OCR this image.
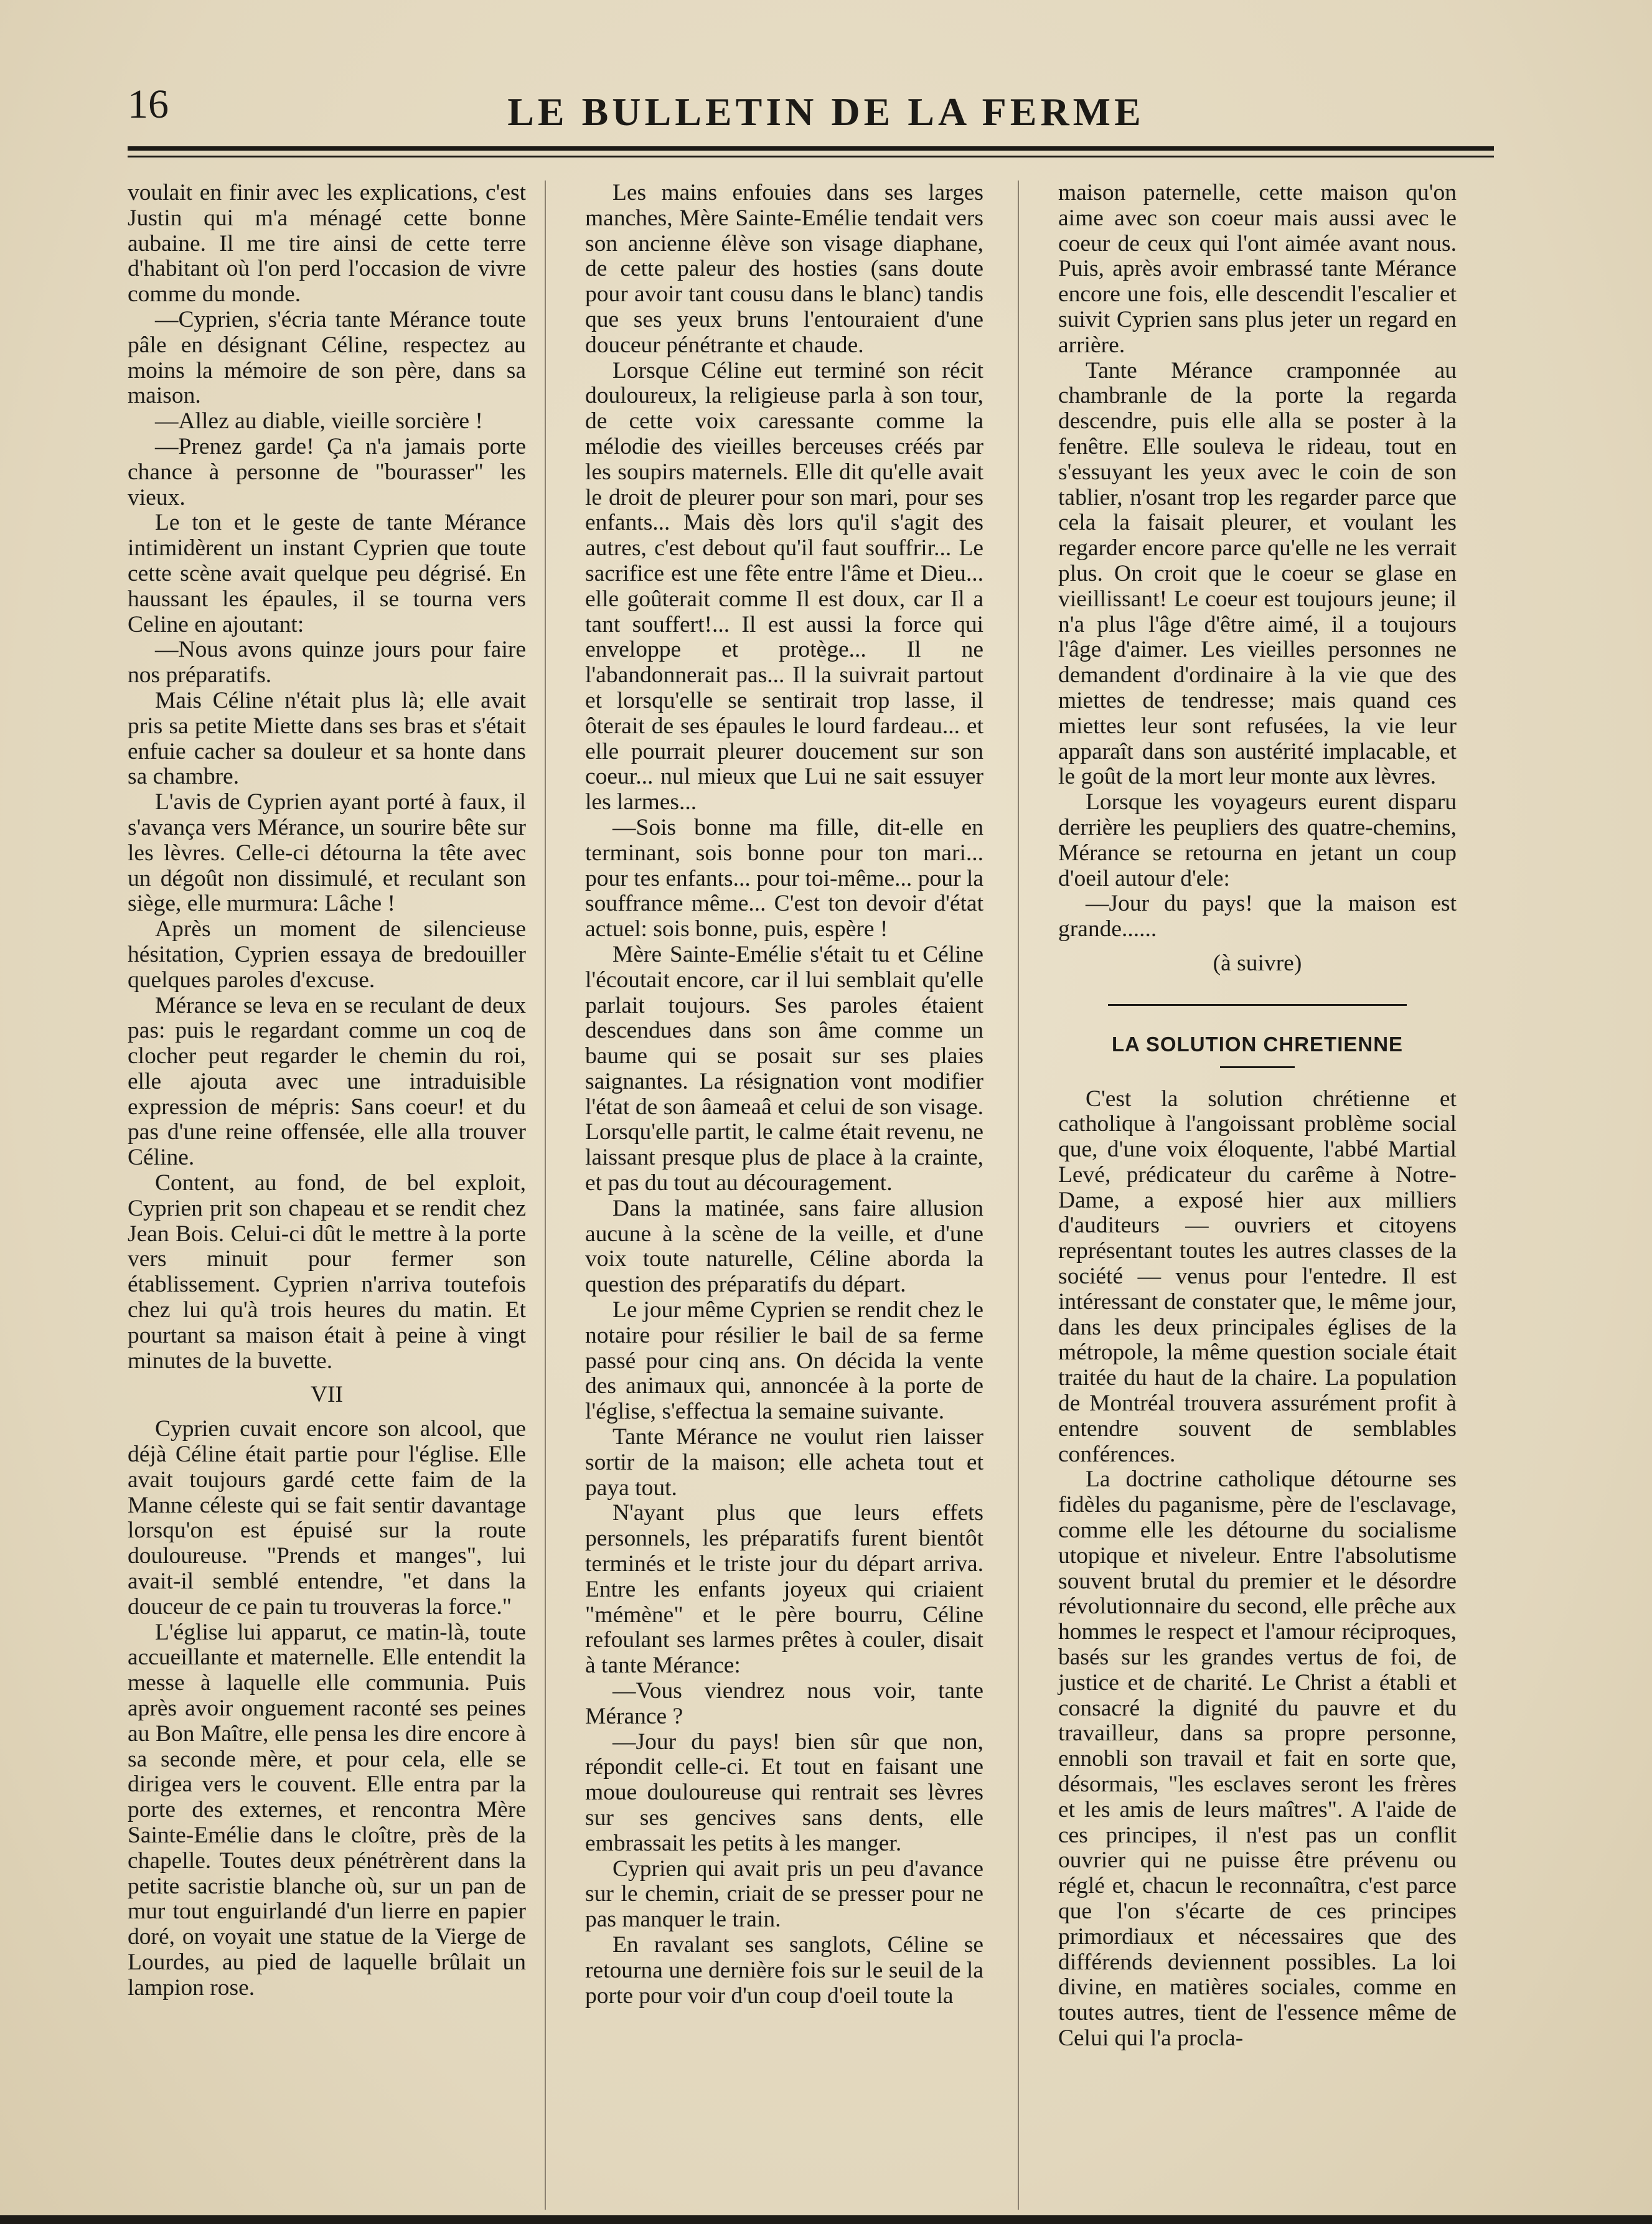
16	LE BULLETIN DE LA FERME

voulait en finir avec les explications, c'est Justin qui m'a ménagé cette bonne aubaine. Il me tire ainsi de cette terre d'habitant où l'on perd l'occasion de vivre comme du monde.

—Cyprien, s'écria tante Mérance toute pâle en désignant Céline, respectez au moins la mémoire de son père, dans sa maison.

—Allez au diable, vieille sorcière !

—Prenez garde! Ça n'a jamais porte chance à personne de "bourasser" les vieux.

Le ton et le geste de tante Mérance intimidèrent un instant Cyprien que toute cette scène avait quelque peu dégrisé. En haussant les épaules, il se tourna vers Celine en ajoutant:

—Nous avons quinze jours pour faire nos préparatifs.

Mais Céline n'était plus là; elle avait pris sa petite Miette dans ses bras et s'était enfuie cacher sa douleur et sa honte dans sa chambre.

L'avis de Cyprien ayant porté à faux, il s'avança vers Mérance, un sourire bête sur les lèvres. Celle-ci détourna la tête avec un dégoût non dissimulé, et reculant son siège, elle murmura: Lâche !

Après un moment de silencieuse hésitation, Cyprien essaya de bredouiller quelques paroles d'excuse.

Mérance se leva en se reculant de deux pas: puis le regardant comme un coq de clocher peut regarder le chemin du roi, elle ajouta avec une intraduisible expression de mépris: Sans coeur! et du pas d'une reine offensée, elle alla trouver Céline.

Content, au fond, de bel exploit, Cyprien prit son chapeau et se rendit chez Jean Bois. Celui-ci dût le mettre à la porte vers minuit pour fermer son établissement. Cyprien n'arriva toutefois chez lui qu'à trois heures du matin. Et pourtant sa maison était à peine à vingt minutes de la buvette.

VII

Cyprien cuvait encore son alcool, que déjà Céline était partie pour l'église. Elle avait toujours gardé cette faim de la Manne céleste qui se fait sentir davantage lorsqu'on est épuisé sur la route douloureuse. "Prends et manges", lui avait-il semblé entendre, "et dans la douceur de ce pain tu trouveras la force."

L'église lui apparut, ce matin-là, toute accueillante et maternelle. Elle entendit la messe à laquelle elle communia. Puis après avoir onguement raconté ses peines au Bon Maître, elle pensa les dire encore à sa seconde mère, et pour cela, elle se dirigea vers le couvent. Elle entra par la porte des externes, et rencontra Mère Sainte-Emélie dans le cloître, près de la chapelle. Toutes deux pénétrèrent dans la petite sacristie blanche où, sur un pan de mur tout enguirlandé d'un lierre en papier doré, on voyait une statue de la Vierge de Lourdes, au pied de laquelle brûlait un lampion rose.

Les mains enfouies dans ses larges manches, Mère Sainte-Emélie tendait vers son ancienne élève son visage diaphane, de cette paleur des hosties (sans doute pour avoir tant cousu dans le blanc) tandis que ses yeux bruns l'entouraient d'une douceur pénétrante et chaude.

Lorsque Céline eut terminé son récit douloureux, la religieuse parla à son tour, de cette voix caressante comme la mélodie des vieilles berceuses créés par les soupirs maternels. Elle dit qu'elle avait le droit de pleurer pour son mari, pour ses enfants... Mais dès lors qu'il s'agit des autres, c'est debout qu'il faut souffrir... Le sacrifice est une fête entre l'âme et Dieu... elle goûterait comme Il est doux, car Il a tant souffert!... Il est aussi la force qui enveloppe et protège... Il ne l'abandonnerait pas... Il la suivrait partout et lorsqu'elle se sentirait trop lasse, il ôterait de ses épaules le lourd fardeau... et elle pourrait pleurer doucement sur son coeur... nul mieux que Lui ne sait essuyer les larmes...

—Sois bonne ma fille, dit-elle en terminant, sois bonne pour ton mari... pour tes enfants... pour toi-même... pour la souffrance même... C'est ton devoir d'état actuel: sois bonne, puis, espère !

Mère Sainte-Emélie s'était tu et Céline l'écoutait encore, car il lui semblait qu'elle parlait toujours. Ses paroles étaient descendues dans son âme comme un baume qui se posait sur ses plaies saignantes. La résignation vont modifier l'état de son âameaâ et celui de son visage. Lorsqu'elle partit, le calme était revenu, ne laissant presque plus de place à la crainte, et pas du tout au découragement.

Dans la matinée, sans faire allusion aucune à la scène de la veille, et d'une voix toute naturelle, Céline aborda la question des préparatifs du départ.

Le jour même Cyprien se rendit chez le notaire pour résilier le bail de sa ferme passé pour cinq ans. On décida la vente des animaux qui, annoncée à la porte de l'église, s'effectua la semaine suivante.

Tante Mérance ne voulut rien laisser sortir de la maison; elle acheta tout et paya tout.

N'ayant plus que leurs effets personnels, les préparatifs furent bientôt terminés et le triste jour du départ arriva. Entre les enfants joyeux qui criaient "mémène" et le père bourru, Céline refoulant ses larmes prêtes à couler, disait à tante Mérance:

—Vous viendrez nous voir, tante Mérance ?

—Jour du pays! bien sûr que non, répondit celle-ci. Et tout en faisant une moue douloureuse qui rentrait ses lèvres sur ses gencives sans dents, elle embrassait les petits à les manger.

Cyprien qui avait pris un peu d'avance sur le chemin, criait de se presser pour ne pas manquer le train.

En ravalant ses sanglots, Céline se retourna une dernière fois sur le seuil de la porte pour voir d'un coup d'oeil toute la

maison paternelle, cette maison qu'on aime avec son coeur mais aussi avec le coeur de ceux qui l'ont aimée avant nous. Puis, après avoir embrassé tante Mérance encore une fois, elle descendit l'escalier et suivit Cyprien sans plus jeter un regard en arrière.

Tante Mérance cramponnée au chambranle de la porte la regarda descendre, puis elle alla se poster à la fenêtre. Elle souleva le rideau, tout en s'essuyant les yeux avec le coin de son tablier, n'osant trop les regarder parce que cela la faisait pleurer, et voulant les regarder encore parce qu'elle ne les verrait plus. On croit que le coeur se glase en vieillissant! Le coeur est toujours jeune; il n'a plus l'âge d'être aimé, il a toujours l'âge d'aimer. Les vieilles personnes ne demandent d'ordinaire à la vie que des miettes de tendresse; mais quand ces miettes leur sont refusées, la vie leur apparaît dans son austérité implacable, et le goût de la mort leur monte aux lèvres.

Lorsque les voyageurs eurent disparu derrière les peupliers des quatre-chemins, Mérance se retourna en jetant un coup d'oeil autour d'ele:

—Jour du pays! que la maison est grande......

(à suivre)

LA SOLUTION CHRETIENNE

C'est la solution chrétienne et catholique à l'angoissant problème social que, d'une voix éloquente, l'abbé Martial Levé, prédicateur du carême à Notre-Dame, a exposé hier aux milliers d'auditeurs — ouvriers et citoyens représentant toutes les autres classes de la société — venus pour l'entedre. Il est intéressant de constater que, le même jour, dans les deux principales églises de la métropole, la même question sociale était traitée du haut de la chaire. La population de Montréal trouvera assurément profit à entendre souvent de semblables conférences.

La doctrine catholique détourne ses fidèles du paganisme, père de l'esclavage, comme elle les détourne du socialisme utopique et niveleur. Entre l'absolutisme souvent brutal du premier et le désordre révolutionnaire du second, elle prêche aux hommes le respect et l'amour réciproques, basés sur les grandes vertus de foi, de justice et de charité. Le Christ a établi et consacré la dignité du pauvre et du travailleur, dans sa propre personne, ennobli son travail et fait en sorte que, désormais, "les esclaves seront les frères et les amis de leurs maîtres". A l'aide de ces principes, il n'est pas un conflit ouvrier qui ne puisse être prévenu ou réglé et, chacun le reconnaîtra, c'est parce que l'on s'écarte de ces principes primordiaux et nécessaires que des différends deviennent possibles. La loi divine, en matières sociales, comme en toutes autres, tient de l'essence même de Celui qui l'a procla-
